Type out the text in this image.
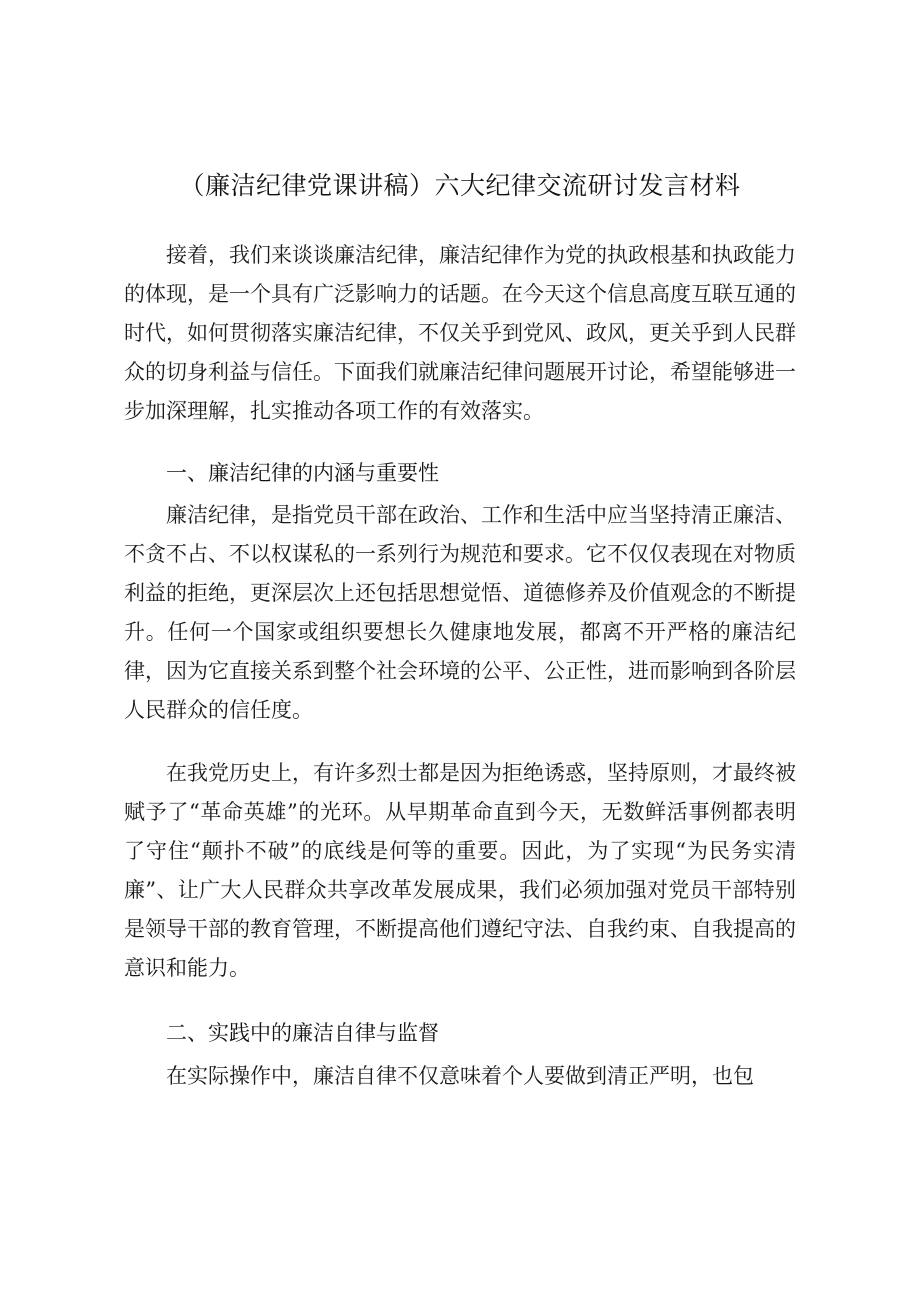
（廉洁纪律党课讲稿）六大纪律交流研讨发言材料

接着，我们来谈谈廉洁纪律，廉洁纪律作为党的执政根基和执政能力的体现，是一个具有广泛影响力的话题。在今天这个信息高度互联互通的时代，如何贯彻落实廉洁纪律，不仅关乎到党风、政风，更关乎到人民群众的切身利益与信任。下面我们就廉洁纪律问题展开讨论，希望能够进一步加深理解，扎实推动各项工作的有效落实。

一、廉洁纪律的内涵与重要性

廉洁纪律，是指党员干部在政治、工作和生活中应当坚持清正廉洁、不贪不占、不以权谋私的一系列行为规范和要求。它不仅仅表现在对物质利益的拒绝，更深层次上还包括思想觉悟、道德修养及价值观念的不断提升。任何一个国家或组织要想长久健康地发展，都离不开严格的廉洁纪律，因为它直接关系到整个社会环境的公平、公正性，进而影响到各阶层人民群众的信任度。

在我党历史上，有许多烈士都是因为拒绝诱惑，坚持原则，才最终被赋予了“革命英雄”的光环。从早期革命直到今天，无数鲜活事例都表明了守住“颠扑不破”的底线是何等的重要。因此，为了实现“为民务实清廉”、让广大人民群众共享改革发展成果，我们必须加强对党员干部特别是领导干部的教育管理，不断提高他们遵纪守法、自我约束、自我提高的意识和能力。

二、实践中的廉洁自律与监督

在实际操作中，廉洁自律不仅意味着个人要做到清正严明，也包
